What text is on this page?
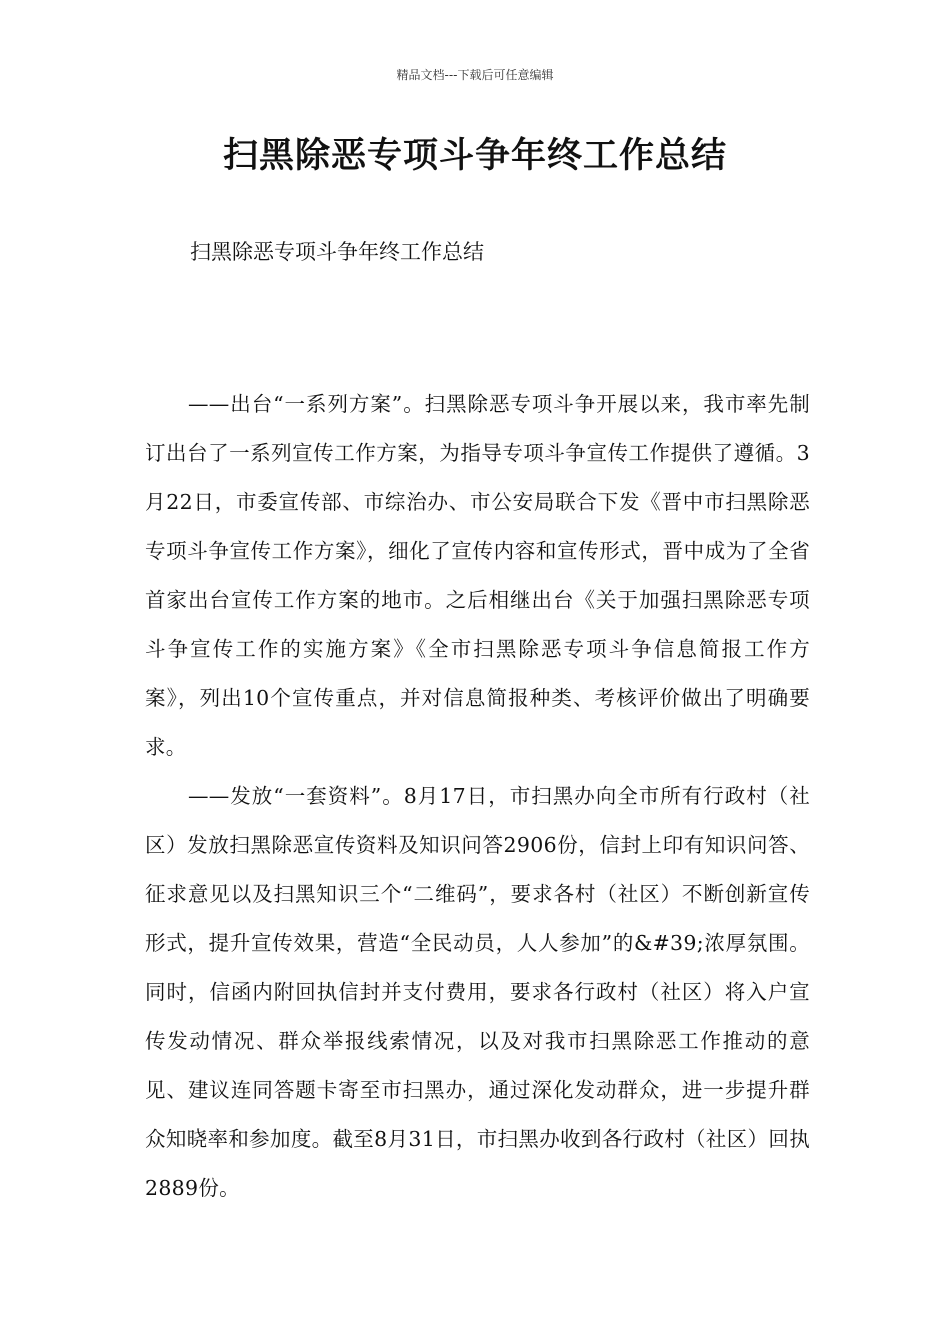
精品文档---下载后可任意编辑
扫黑除恶专项斗争年终工作总结
扫黑除恶专项斗争年终工作总结

——出台“一系列方案”。扫黑除恶专项斗争开展以来，我市率先制订出台了一系列宣传工作方案，为指导专项斗争宣传工作提供了遵循。3月22日，市委宣传部、市综治办、市公安局联合下发《晋中市扫黑除恶专项斗争宣传工作方案》，细化了宣传内容和宣传形式，晋中成为了全省首家出台宣传工作方案的地市。之后相继出台《关于加强扫黑除恶专项斗争宣传工作的实施方案》《全市扫黑除恶专项斗争信息简报工作方案》，列出10个宣传重点，并对信息简报种类、考核评价做出了明确要求。

——发放“一套资料”。8月17日，市扫黑办向全市所有行政村（社区）发放扫黑除恶宣传资料及知识问答2906份，信封上印有知识问答、征求意见以及扫黑知识三个“二维码”，要求各村（社区）不断创新宣传形式，提升宣传效果，营造“全民动员，人人参加”的&#39;浓厚氛围。同时，信函内附回执信封并支付费用，要求各行政村（社区）将入户宣传发动情况、群众举报线索情况，以及对我市扫黑除恶工作推动的意见、建议连同答题卡寄至市扫黑办，通过深化发动群众，进一步提升群众知晓率和参加度。截至8月31日，市扫黑办收到各行政村（社区）回执2889份。
